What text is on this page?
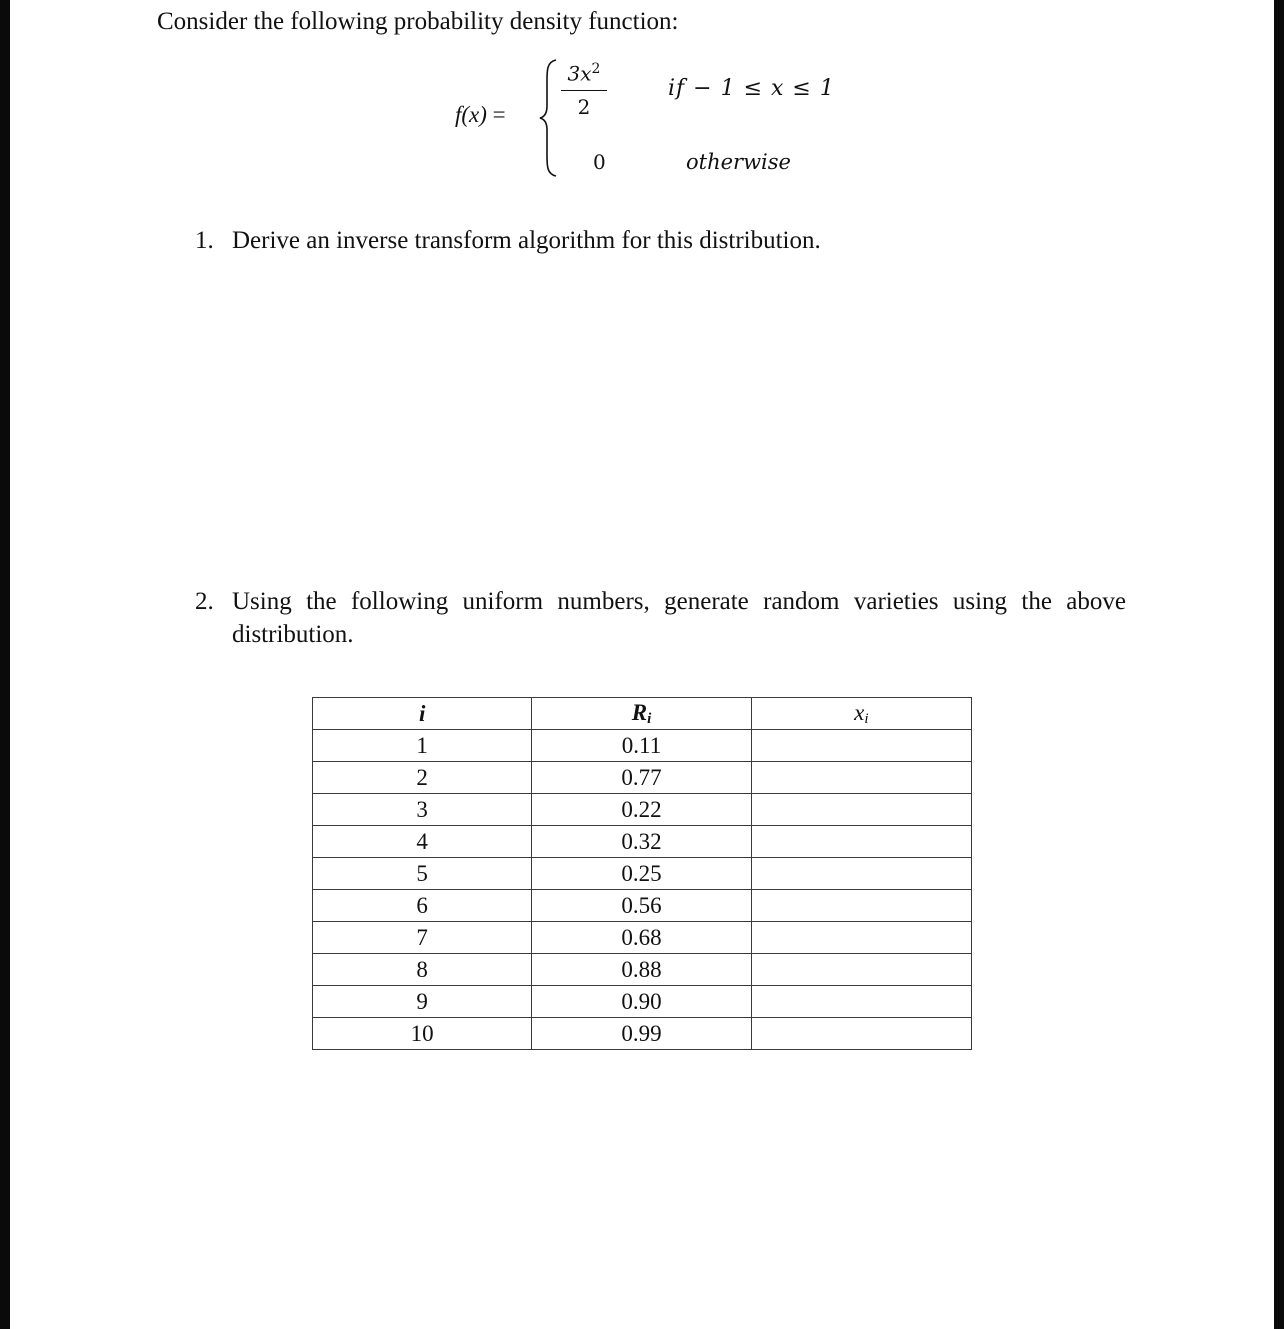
Consider the following probability density function:

f(x) =
$3x^2$
2
0
if − 1 ≤ x ≤ 1
otherwise
1. Derive an inverse transform algorithm for this distribution.
2. Using the following uniform numbers, generate random varieties using the above distribution.
i	$R_i$	$x_i$
1	0.11	
2	0.77	
3	0.22	
4	0.32	
5	0.25	
6	0.56	
7	0.68	
8	0.88	
9	0.90	
10	0.99	
